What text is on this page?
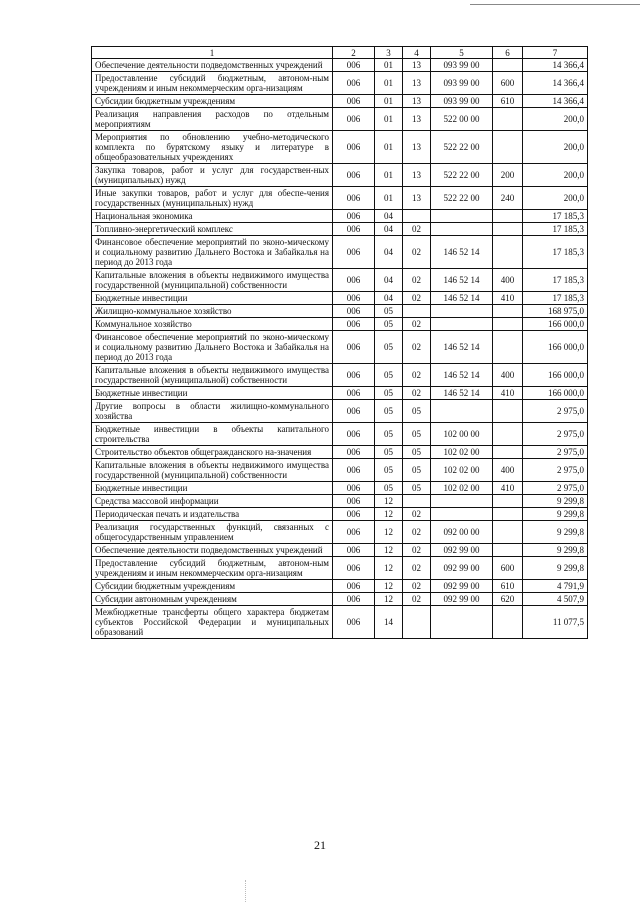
1	2	3	4	5	6	7
Обеспечение деятельности подведомственных учреждений	006	01	13	093 99 00		14 366,4
Предоставление субсидий бюджетным, автоном-ным учреждениям и иным некоммерческим орга-низациям	006	01	13	093 99 00	600	14 366,4
Субсидии бюджетным учреждениям	006	01	13	093 99 00	610	14 366,4
Реализация направления расходов по отдельным мероприятиям	006	01	13	522 00 00		200,0
Мероприятия по обновлению учебно-методического комплекта по бурятскому языку и литературе в общеобразовательных учреждениях	006	01	13	522 22 00		200,0
Закупка товаров, работ и услуг для государствен-ных (муниципальных) нужд	006	01	13	522 22 00	200	200,0
Иные закупки товаров, работ и услуг для обеспе-чения государственных (муниципальных) нужд	006	01	13	522 22 00	240	200,0
Национальная экономика	006	04				17 185,3
Топливно-энергетический комплекс	006	04	02			17 185,3
Финансовое обеспечение мероприятий по эконо-мическому и социальному развитию Дальнего Востока и Забайкалья на период до 2013 года	006	04	02	146 52 14		17 185,3
Капитальные вложения в объекты недвижимого имущества государственной (муниципальной) собственности	006	04	02	146 52 14	400	17 185,3
Бюджетные инвестиции	006	04	02	146 52 14	410	17 185,3
Жилищно-коммунальное хозяйство	006	05				168 975,0
Коммунальное хозяйство	006	05	02			166 000,0
Финансовое обеспечение мероприятий по эконо-мическому и социальному развитию Дальнего Востока и Забайкалья на период до 2013 года	006	05	02	146 52 14		166 000,0
Капитальные вложения в объекты недвижимого имущества государственной (муниципальной) собственности	006	05	02	146 52 14	400	166 000,0
Бюджетные инвестиции	006	05	02	146 52 14	410	166 000,0
Другие вопросы в области жилищно-коммунального хозяйства	006	05	05			2 975,0
Бюджетные инвестиции в объекты капитального строительства	006	05	05	102 00 00		2 975,0
Строительство объектов общегражданского на-значения	006	05	05	102 02 00		2 975,0
Капитальные вложения в объекты недвижимого имущества государственной (муниципальной) собственности	006	05	05	102 02 00	400	2 975,0
Бюджетные инвестиции	006	05	05	102 02 00	410	2 975,0
Средства массовой информации	006	12				9 299,8
Периодическая печать и издательства	006	12	02			9 299,8
Реализация государственных функций, связанных с общегосударственным управлением	006	12	02	092 00 00		9 299,8
Обеспечение деятельности подведомственных учреждений	006	12	02	092 99 00		9 299,8
Предоставление субсидий бюджетным, автоном-ным учреждениям и иным некоммерческим орга-низациям	006	12	02	092 99 00	600	9 299,8
Субсидии бюджетным учреждениям	006	12	02	092 99 00	610	4 791,9
Субсидии автономным учреждениям	006	12	02	092 99 00	620	4 507,9
Межбюджетные трансферты общего характера бюджетам субъектов Российской Федерации и муниципальных образований	006	14				11 077,5
21
